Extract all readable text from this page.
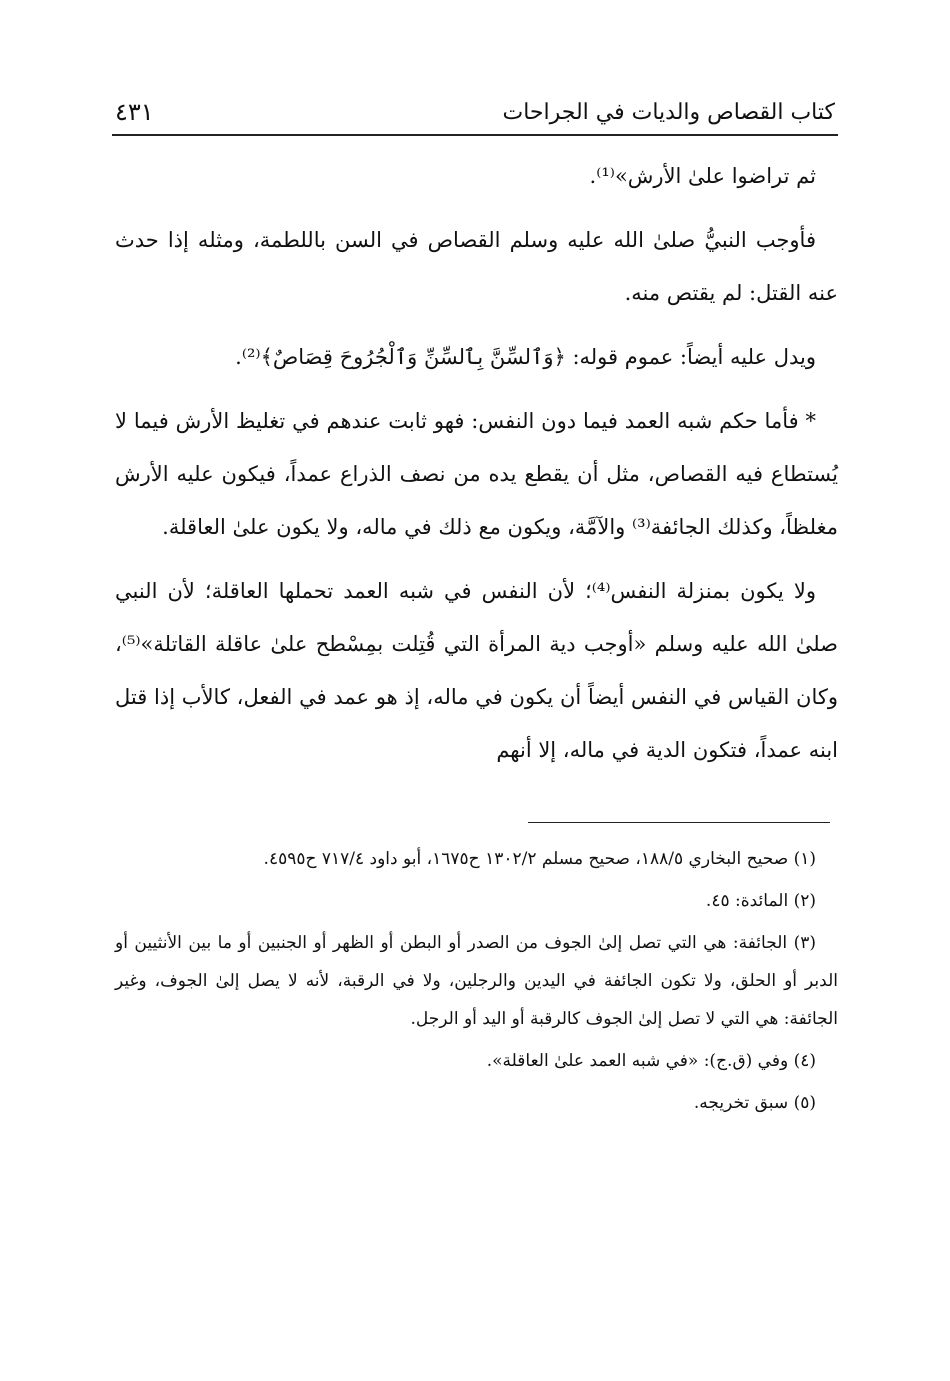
٤٣١	كتاب القصاص والديات في الجراحات

ثم تراضوا علىٰ الأرش»⁽¹⁾.

فأوجب النبيُّ صلىٰ الله عليه وسلم القصاص في السن باللطمة، ومثله إذا حدث عنه القتل: لم يقتص منه.

ويدل عليه أيضاً: عموم قوله: ﴿وَٱلسِّنَّ بِٱلسِّنِّ وَٱلْجُرُوحَ قِصَاصٌ﴾⁽²⁾.

* فأما حكم شبه العمد فيما دون النفس: فهو ثابت عندهم في تغليظ الأرش فيما لا يُستطاع فيه القصاص، مثل أن يقطع يده من نصف الذراع عمداً، فيكون عليه الأرش مغلظاً، وكذلك الجائفة⁽³⁾ والآمَّة، ويكون مع ذلك في ماله، ولا يكون علىٰ العاقلة.

ولا يكون بمنزلة النفس⁽⁴⁾؛ لأن النفس في شبه العمد تحملها العاقلة؛ لأن النبي صلىٰ الله عليه وسلم «أوجب دية المرأة التي قُتِلت بمِسْطح علىٰ عاقلة القاتلة»⁽⁵⁾، وكان القياس في النفس أيضاً أن يكون في ماله، إذ هو عمد في الفعل، كالأب إذا قتل ابنه عمداً، فتكون الدية في ماله، إلا أنهم

(١) صحيح البخاري ١٨٨/٥، صحيح مسلم ١٣٠٢/٢ ح١٦٧٥، أبو داود ٧١٧/٤ ح٤٥٩٥.

(٢) المائدة: ٤٥.

(٣) الجائفة: هي التي تصل إلىٰ الجوف من الصدر أو البطن أو الظهر أو الجنبين أو ما بين الأنثيين أو الدبر أو الحلق، ولا تكون الجائفة في اليدين والرجلين، ولا في الرقبة، لأنه لا يصل إلىٰ الجوف، وغير الجائفة: هي التي لا تصل إلىٰ الجوف كالرقبة أو اليد أو الرجل.

(٤) وفي (ق.ج): «في شبه العمد علىٰ العاقلة».

(٥) سبق تخريجه.
